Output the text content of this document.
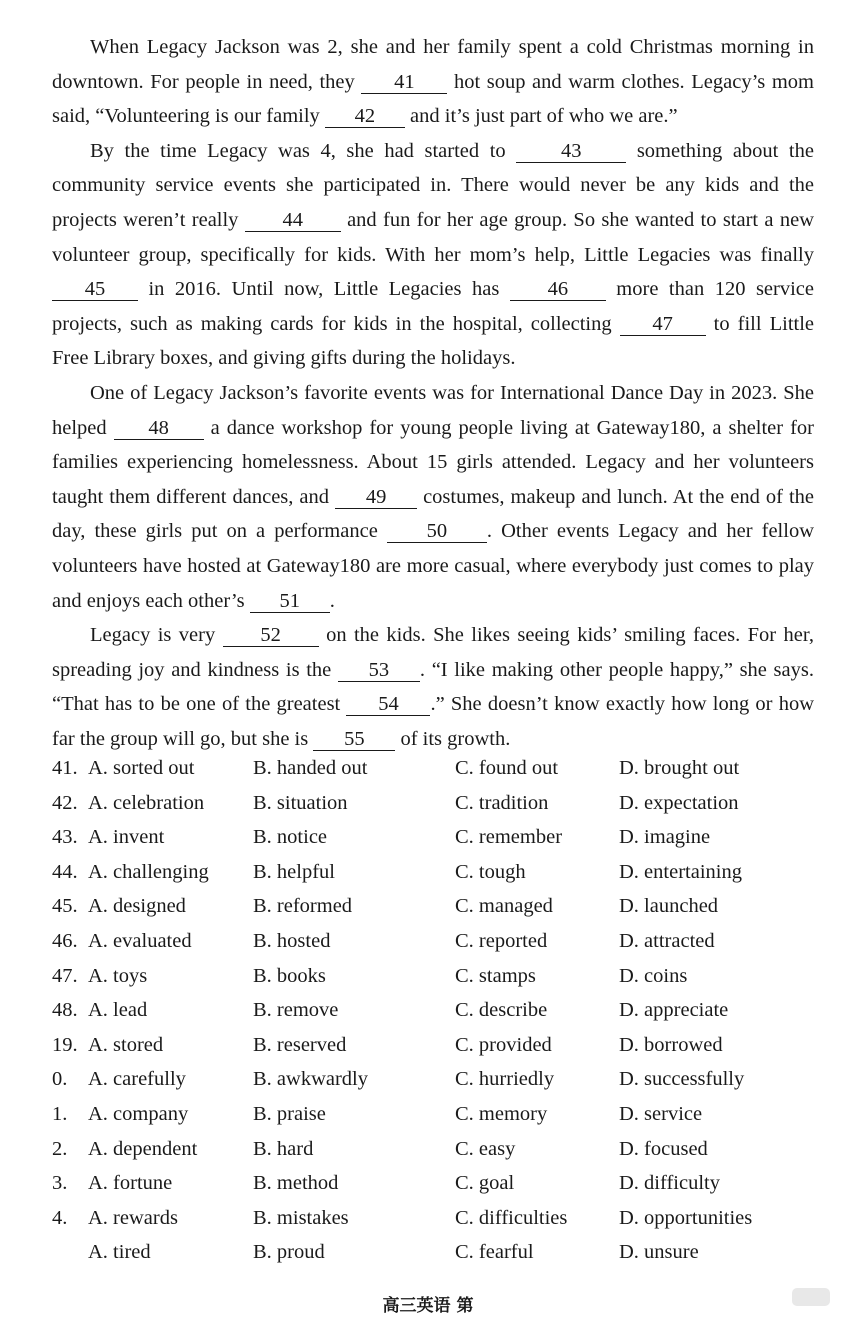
When Legacy Jackson was 2, she and her family spent a cold Christmas morning in downtown. For people in need, they 41 hot soup and warm clothes. Legacy’s mom said, “Volunteering is our family 42 and it’s just part of who we are.”

By the time Legacy was 4, she had started to 43 something about the community service events she participated in. There would never be any kids and the projects weren’t really 44 and fun for her age group. So she wanted to start a new volunteer group, specifically for kids. With her mom’s help, Little Legacies was finally 45 in 2016. Until now, Little Legacies has 46 more than 120 service projects, such as making cards for kids in the hospital, collecting 47 to fill Little Free Library boxes, and giving gifts during the holidays.

One of Legacy Jackson’s favorite events was for International Dance Day in 2023. She helped 48 a dance workshop for young people living at Gateway180, a shelter for families experiencing homelessness. About 15 girls attended. Legacy and her volunteers taught them different dances, and 49 costumes, makeup and lunch. At the end of the day, these girls put on a performance 50 . Other events Legacy and her fellow volunteers have hosted at Gateway180 are more casual, where everybody just comes to play and enjoys each other’s 51 .

Legacy is very 52 on the kids. She likes seeing kids’ smiling faces. For her, spreading joy and kindness is the 53 . “I like making other people happy,” she says. “That has to be one of the greatest 54 .” She doesn’t know exactly how long or how far the group will go, but she is 55 of its growth.

41. A. sorted out	B. handed out	C. found out	D. brought out
42. A. celebration B. situation	C. tradition	D. expectation
43. A. invent	B. notice	C. remember	D. imagine
44. A. challenging B. helpful	C. tough	D. entertaining
45. A. designed	B. reformed	C. managed	D. launched
46. A. evaluated	B. hosted	C. reported	D. attracted
47. A. toys	B. books	C. stamps	D. coins
48. A. lead	B. remove	C. describe	D. appreciate
19. A. stored	B. reserved	C. provided	D. borrowed
0. A. carefully	B. awkwardly	C. hurriedly	D. successfully
1. A. company	B. praise	C. memory	D. service
2. A. dependent	B. hard	C. easy	D. focused
3. A. fortune	B. method	C. goal	D. difficulty
4. A. rewards	B. mistakes	C. difficulties	D. opportunities
A. tired	B. proud	C. fearful	D. unsure
高三英语 第
